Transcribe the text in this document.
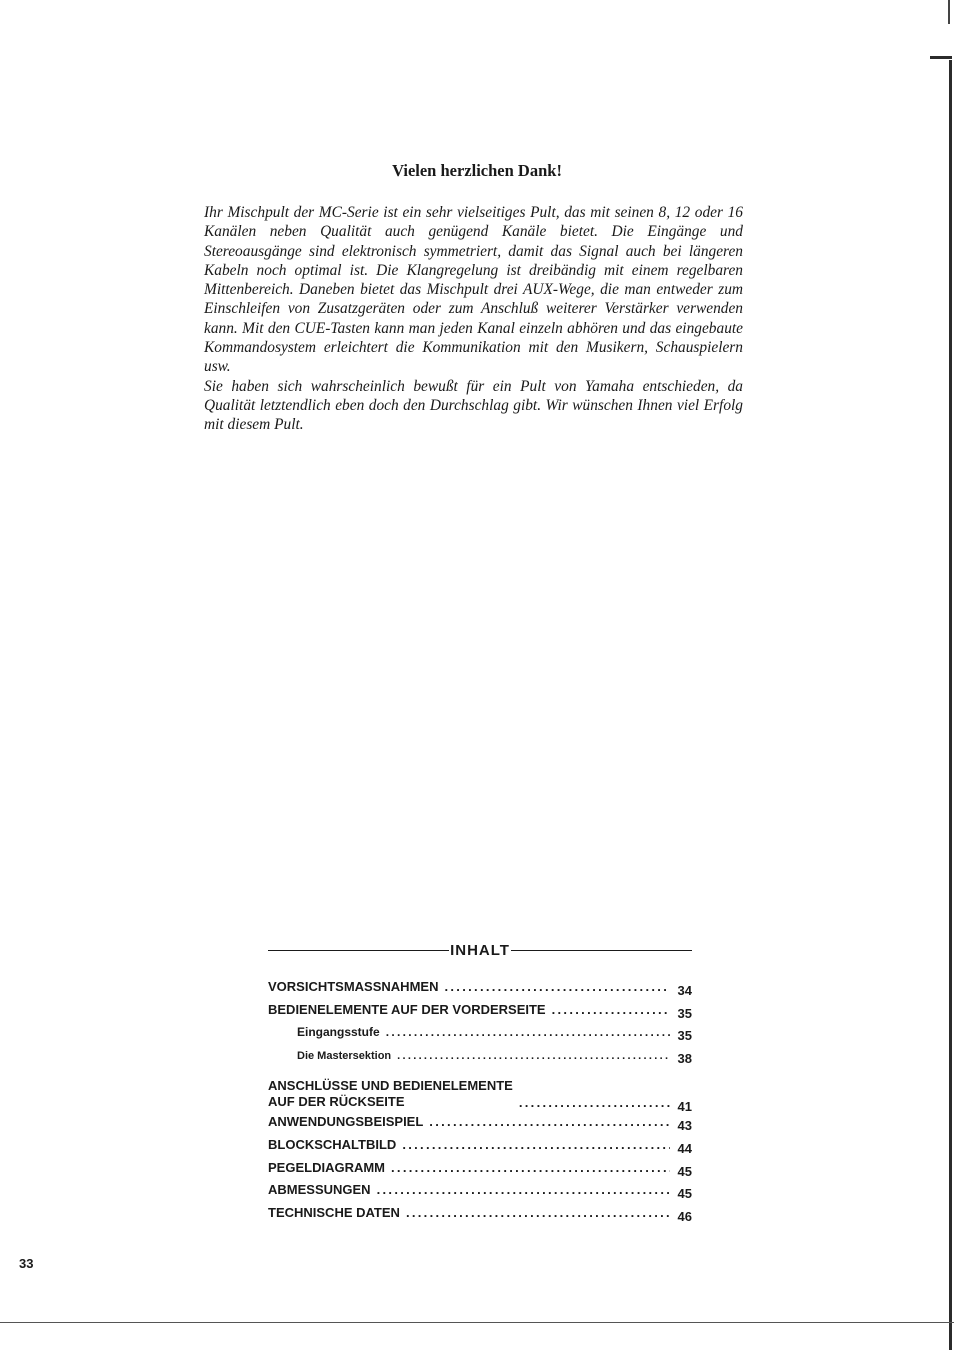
Vielen herzlichen Dank!

Ihr Mischpult der MC-Serie ist ein sehr vielseitiges Pult, das mit seinen 8, 12 oder 16 Kanälen neben Qualität auch genügend Kanäle bietet. Die Eingänge und Stereoausgänge sind elektronisch symmetriert, damit das Signal auch bei längeren Kabeln noch optimal ist. Die Klangregelung ist dreibändig mit einem regelbaren Mittenbereich. Daneben bietet das Mischpult drei AUX-Wege, die man entweder zum Einschleifen von Zusatzgeräten oder zum Anschluß weiterer Verstärker verwenden kann. Mit den CUE-Tasten kann man jeden Kanal einzeln abhören und das eingebaute Kommandosystem erleichtert die Kommunikation mit den Musikern, Schauspielern usw.

Sie haben sich wahrscheinlich bewußt für ein Pult von Yamaha entschieden, da Qualität letztendlich eben doch den Durchschlag gibt. Wir wünschen Ihnen viel Erfolg mit diesem Pult.

INHALT
VORSICHTSMASSNAHMEN .....	34
BEDIENELEMENTE AUF DER VORDERSEITE .....	35
Eingangsstufe .....	35
Die Mastersektion .....	38
ANSCHLÜSSE UND BEDIENELEMENTE
AUF DER RÜCKSEITE .....	41
ANWENDUNGSBEISPIEL .....	43
BLOCKSCHALTBILD .....	44
PEGELDIAGRAMM .....	45
ABMESSUNGEN .....	45
TECHNISCHE DATEN .....	46

33
